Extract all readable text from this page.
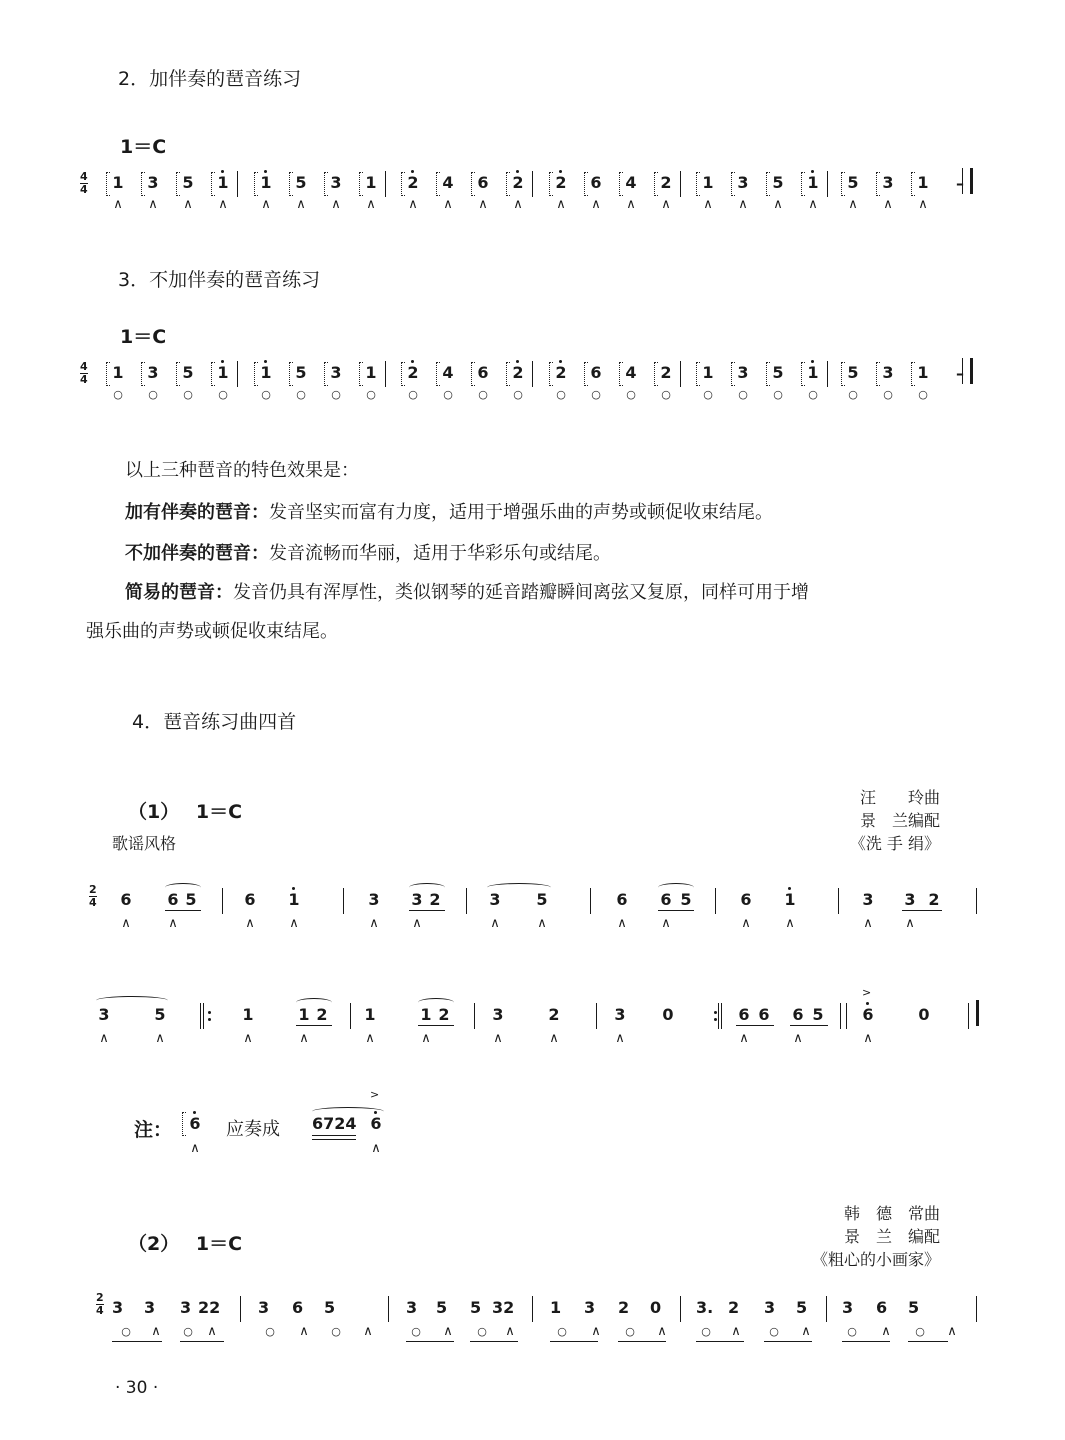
2．加伴奏的琶音练习
1＝C
4
4 1
∧
3
∧
5
∧
1
∧
1
∧
5
∧
3
∧
1
∧
2
∧
4
∧
6
∧
2
∧
2
∧
6
∧
4
∧
2
∧
1
∧
3
∧
5
∧
1
∧
5
∧
3
∧
1
∧
–
3．不加伴奏的琶音练习
1＝C
4
4 1
○
3
○
5
○
1
○
1
○
5
○
3
○
1
○
2
○
4
○
6
○
2
○
2
○
6
○
4
○
2
○
1
○
3
○
5
○
1
○
5
○
3
○
1
○
–
以上三种琶音的特色效果是：
加有伴奏的琶音：发音坚实而富有力度，适用于增强乐曲的声势或顿促收束结尾。
不加伴奏的琶音：发音流畅而华丽，适用于华彩乐句或结尾。
简易的琶音：发音仍具有浑厚性，类似钢琴的延音踏瓣瞬间离弦又复原，同样可用于增
强乐曲的声势或顿促收束结尾。
4．琶音练习曲四首
（1） 1＝C
歌谣风格
汪　　玲曲
景　兰编配
《洗 手 绢》
2
4 6 6 5	6 1	3 3 2	3 5	6 6 5	6 1	3 3 2
∧	∧	∧	∧	∧	∧	∧	∧	∧	∧	∧	∧	∧ ∧
3	5	1	1 2 1	1 2	3	2	3 0	6 6 6 5 6	0
∧	∧	∧	∧	∧	∧	∧	∧	∧	∧	∧	∧
>
注： 6
∧
应奏成 6724 6
∧
>
（2） 1＝C
韩　德　常曲
景　兰　编配
《粗心的小画家》
2
4 3 3 3 22 3 6 5	3 5 5 32 1 3 2 0 3. 2 3 5 3 6 5
○ ∧ ○ ∧	○ ∧ ○ ∧	○ ∧ ○ ∧	○ ∧ ○ ∧	○ ∧	○ ∧	○ ∧ ○ ∧
· 30 ·
